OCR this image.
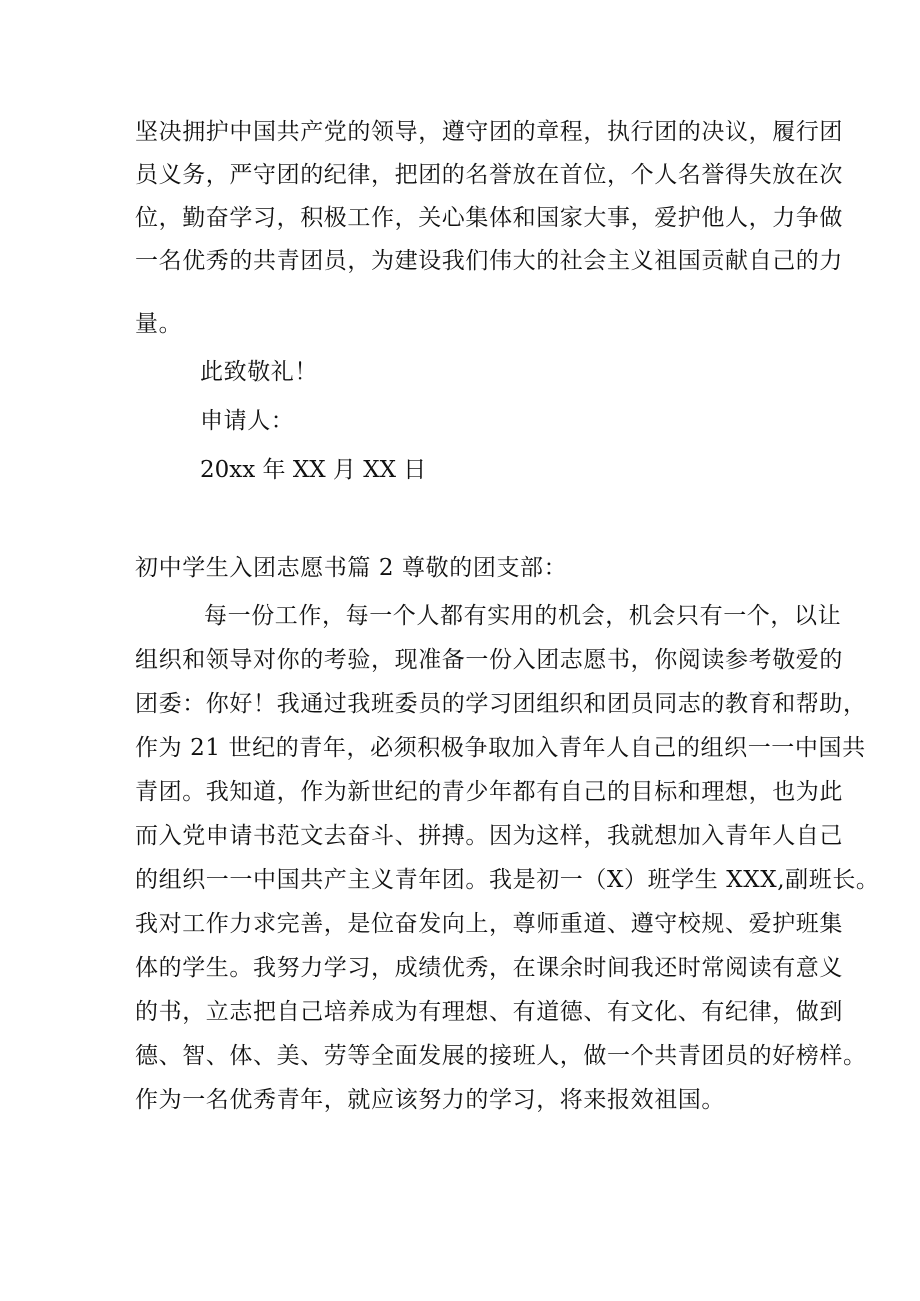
坚决拥护中国共产党的领导，遵守团的章程，执行团的决议，履行团
员义务，严守团的纪律，把团的名誉放在首位，个人名誉得失放在次
位，勤奋学习，积极工作，关心集体和国家大事，爱护他人，力争做
一名优秀的共青团员，为建设我们伟大的社会主义祖国贡献自己的力
量。
此致敬礼！
申请人：
20xx 年 XX 月 XX 日
初中学生入团志愿书篇 2 尊敬的团支部：
每一份工作，每一个人都有实用的机会，机会只有一个，以让
组织和领导对你的考验，现准备一份入团志愿书，你阅读参考敬爱的
团委：你好！我通过我班委员的学习团组织和团员同志的教育和帮助，
作为 21 世纪的青年，必须积极争取加入青年人自己的组织一一中国共
青团。我知道，作为新世纪的青少年都有自己的目标和理想，也为此
而入党申请书范文去奋斗、拼搏。因为这样，我就想加入青年人自己
的组织一一中国共产主义青年团。我是初一（X）班学生 XXX,副班长。
我对工作力求完善，是位奋发向上，尊师重道、遵守校规、爱护班集
体的学生。我努力学习，成绩优秀，在课余时间我还时常阅读有意义
的书，立志把自己培养成为有理想、有道德、有文化、有纪律，做到
德、智、体、美、劳等全面发展的接班人，做一个共青团员的好榜样。
作为一名优秀青年，就应该努力的学习，将来报效祖国。
